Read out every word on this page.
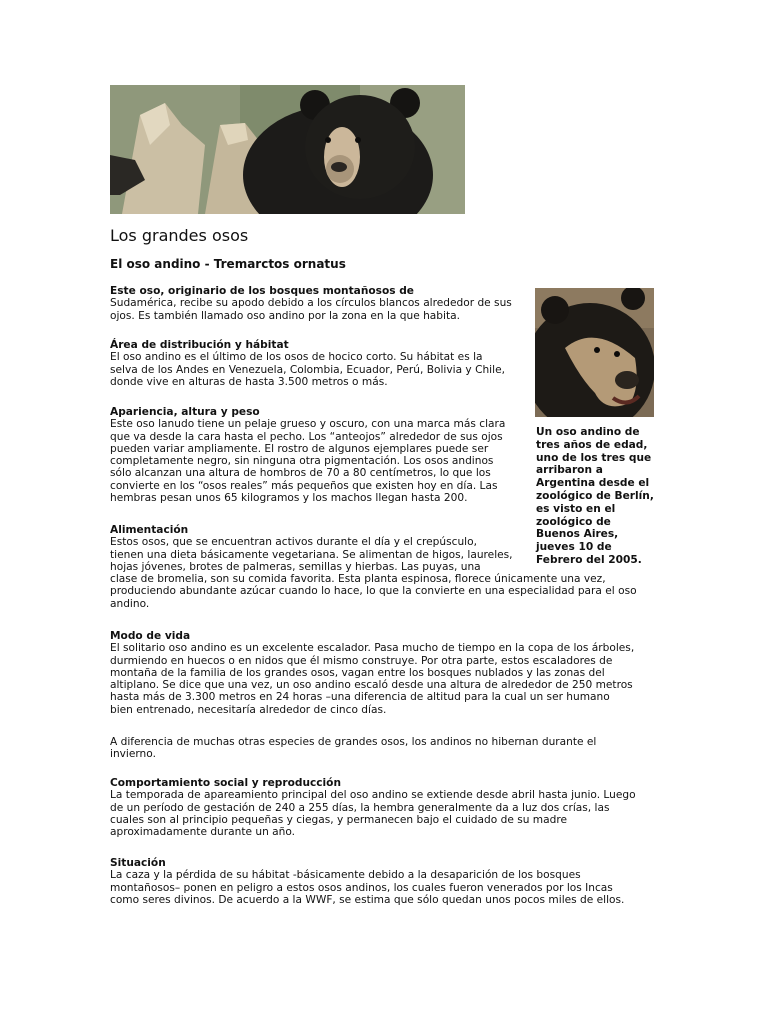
Los grandes osos
El oso andino - Tremarctos ornatus

Un oso andino de tres años de edad, uno de los tres que arribaron a Argentina desde el zoológico de Berlín, es visto en el zoológico de Buenos Aires, jueves 10 de Febrero del 2005.

Este oso, originario de los bosques montañosos de

Sudamérica, recibe su apodo debido a los círculos blancos alrededor de sus

ojos. Es también llamado oso andino por la zona en la que habita.

Área de distribución y hábitat

El oso andino es el último de los osos de hocico corto. Su hábitat es la

selva de los Andes en Venezuela, Colombia, Ecuador, Perú, Bolivia y Chile,

donde vive en alturas de hasta 3.500 metros o más.

Apariencia, altura y peso

Este oso lanudo tiene un pelaje grueso y oscuro, con una marca más clara

que va desde la cara hasta el pecho. Los “anteojos” alrededor de sus ojos

pueden variar ampliamente. El rostro de algunos ejemplares puede ser

completamente negro, sin ninguna otra pigmentación. Los osos andinos

sólo alcanzan una altura de hombros de 70 a 80 centímetros, lo que los

convierte en los “osos reales” más pequeños que existen hoy en día. Las

hembras pesan unos 65 kilogramos y los machos llegan hasta 200.

Alimentación

Estos osos, que se encuentran activos durante el día y el crepúsculo,

tienen una dieta básicamente vegetariana. Se alimentan de higos, laureles,

hojas jóvenes, brotes de palmeras, semillas y hierbas. Las puyas, una

clase de bromelia, son su comida favorita. Esta planta espinosa, florece únicamente una vez,

produciendo abundante azúcar cuando lo hace, lo que la convierte en una especialidad para el oso

andino.

Modo de vida

El solitario oso andino es un excelente escalador. Pasa mucho de tiempo en la copa de los árboles,

durmiendo en huecos o en nidos que él mismo construye. Por otra parte, estos escaladores de

montaña de la familia de los grandes osos, vagan entre los bosques nublados y las zonas del

altiplano. Se dice que una vez, un oso andino escaló desde una altura de alrededor de 250 metros

hasta más de 3.300 metros en 24 horas –una diferencia de altitud para la cual un ser humano

bien entrenado, necesitaría alrededor de cinco días.

A diferencia de muchas otras especies de grandes osos, los andinos no hibernan durante el

invierno.

Comportamiento social y reproducción

La temporada de apareamiento principal del oso andino se extiende desde abril hasta junio. Luego

de un período de gestación de 240 a 255 días, la hembra generalmente da a luz dos crías, las

cuales son al principio pequeñas y ciegas, y permanecen bajo el cuidado de su madre

aproximadamente durante un año.

Situación

La caza y la pérdida de su hábitat -básicamente debido a la desaparición de los bosques

montañosos– ponen en peligro a estos osos andinos, los cuales fueron venerados por los Incas

como seres divinos. De acuerdo a la WWF, se estima que sólo quedan unos pocos miles de ellos.
